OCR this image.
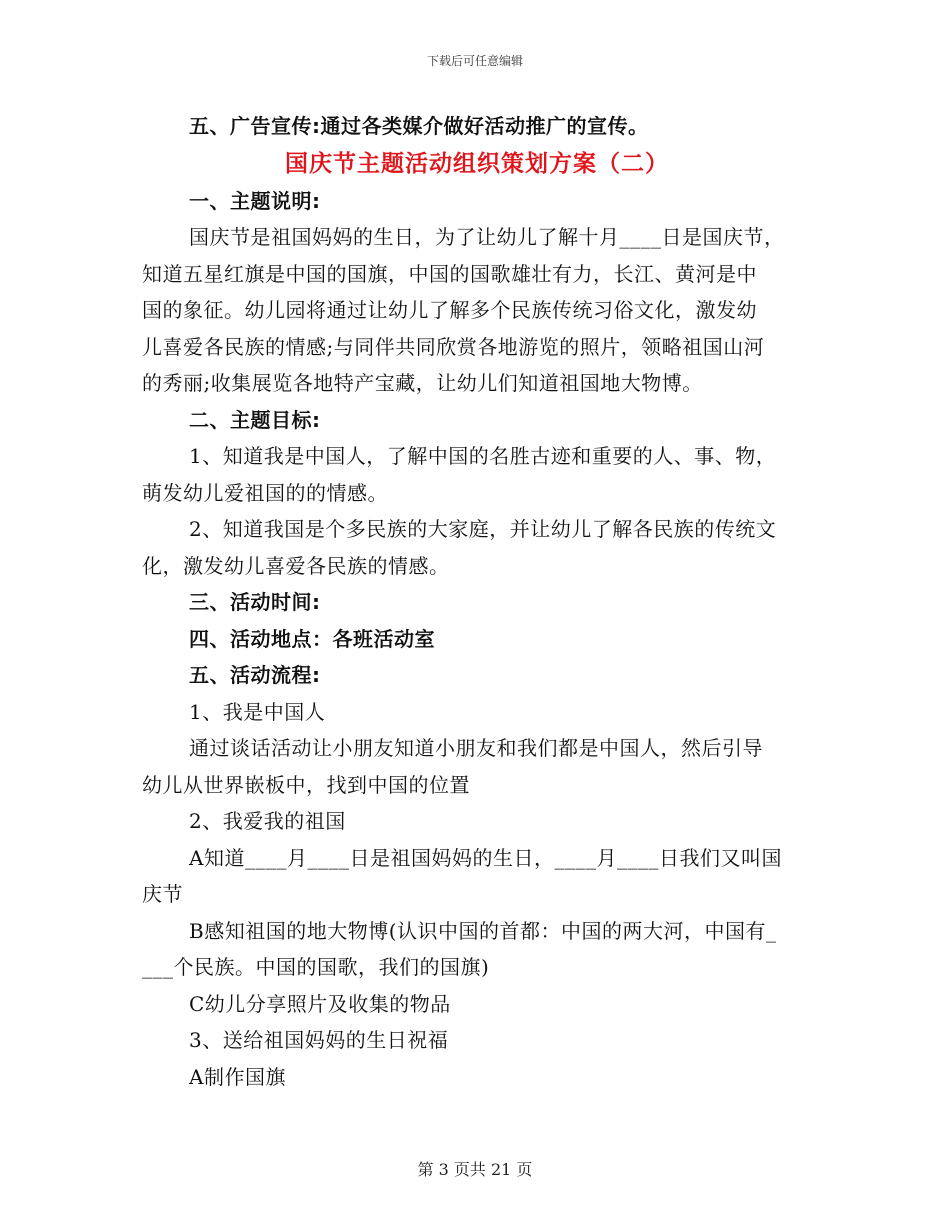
下载后可任意编辑
五、广告宣传:通过各类媒介做好活动推广的宣传。
国庆节主题活动组织策划方案（二）
一、主题说明:
国庆节是祖国妈妈的生日，为了让幼儿了解十月____日是国庆节，
知道五星红旗是中国的国旗，中国的国歌雄壮有力，长江、黄河是中
国的象征。幼儿园将通过让幼儿了解多个民族传统习俗文化，激发幼
儿喜爱各民族的情感;与同伴共同欣赏各地游览的照片，领略祖国山河
的秀丽;收集展览各地特产宝藏，让幼儿们知道祖国地大物博。
二、主题目标:
1、知道我是中国人，了解中国的名胜古迹和重要的人、事、物，
萌发幼儿爱祖国的的情感。
2、知道我国是个多民族的大家庭，并让幼儿了解各民族的传统文
化，激发幼儿喜爱各民族的情感。
三、活动时间:
四、活动地点：各班活动室
五、活动流程:
1、我是中国人
通过谈话活动让小朋友知道小朋友和我们都是中国人，然后引导
幼儿从世界嵌板中，找到中国的位置
2、我爱我的祖国
A知道____月____日是祖国妈妈的生日，____月____日我们又叫国
庆节
B感知祖国的地大物博(认识中国的首都：中国的两大河，中国有_
___个民族。中国的国歌，我们的国旗)
C幼儿分享照片及收集的物品
3、送给祖国妈妈的生日祝福
A制作国旗
第 3 页共 21 页
